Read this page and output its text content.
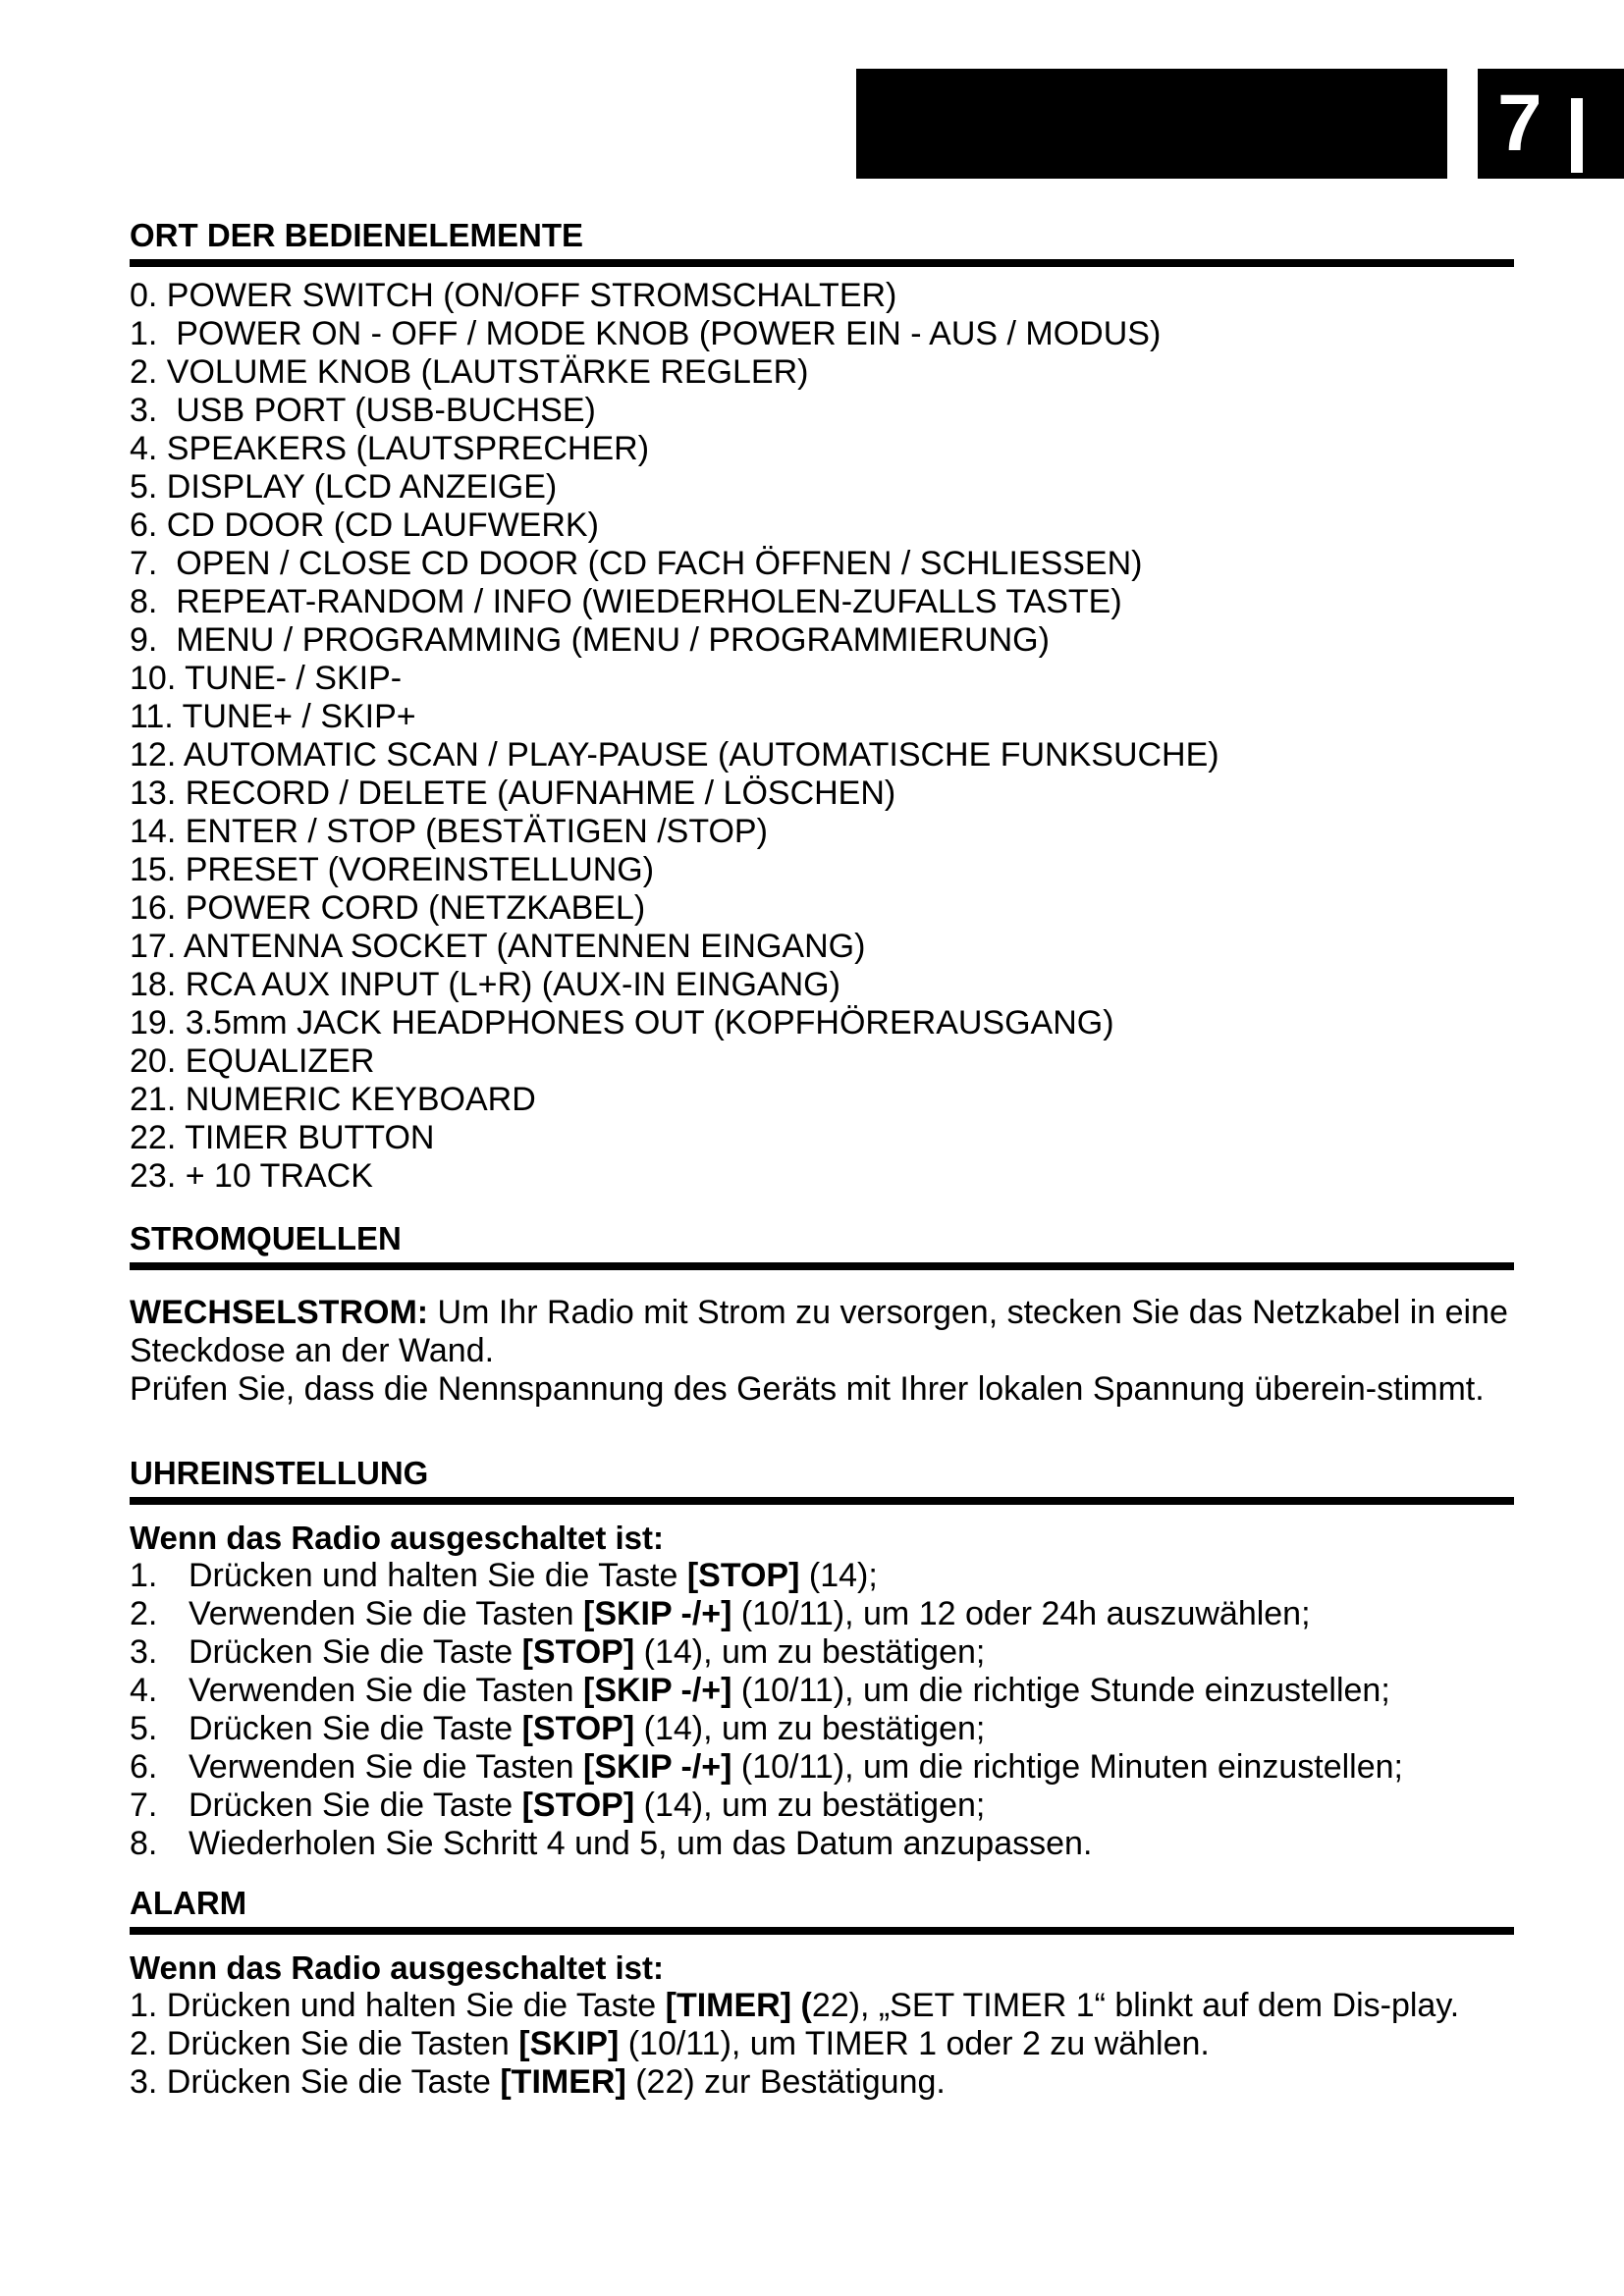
7
ORT DER BEDIENELEMENTE

0. POWER SWITCH (ON/OFF STROMSCHALTER)

1.  POWER ON - OFF / MODE KNOB (POWER EIN - AUS / MODUS)

2. VOLUME KNOB (LAUTSTÄRKE REGLER)

3.  USB PORT (USB-BUCHSE)

4. SPEAKERS (LAUTSPRECHER)

5. DISPLAY (LCD ANZEIGE)

6. CD DOOR (CD LAUFWERK)

7.  OPEN / CLOSE CD DOOR (CD FACH ÖFFNEN / SCHLIESSEN)

8.  REPEAT-RANDOM / INFO (WIEDERHOLEN-ZUFALLS TASTE)

9.  MENU / PROGRAMMING (MENU / PROGRAMMIERUNG)

10. TUNE- / SKIP-

11. TUNE+ / SKIP+

12. AUTOMATIC SCAN / PLAY-PAUSE (AUTOMATISCHE FUNKSUCHE)

13. RECORD / DELETE (AUFNAHME / LÖSCHEN)

14. ENTER / STOP (BESTÄTIGEN /STOP)

15. PRESET (VOREINSTELLUNG)

16. POWER CORD (NETZKABEL)

17. ANTENNA SOCKET (ANTENNEN EINGANG)

18. RCA AUX INPUT (L+R) (AUX-IN EINGANG)

19. 3.5mm JACK HEADPHONES OUT (KOPFHÖRERAUSGANG)

20. EQUALIZER

21. NUMERIC KEYBOARD

22. TIMER BUTTON

23. + 10 TRACK

STROMQUELLEN

WECHSELSTROM: Um Ihr Radio mit Strom zu versorgen, stecken Sie das Netzkabel in eine Steckdose an der Wand.

Prüfen Sie, dass die Nennspannung des Geräts mit Ihrer lokalen Spannung überein-stimmt.

UHREINSTELLUNG

Wenn das Radio ausgeschaltet ist:

1. Drücken und halten Sie die Taste [STOP] (14);
2. Verwenden Sie die Tasten [SKIP -/+] (10/11), um 12 oder 24h auszuwählen;
3. Drücken Sie die Taste [STOP] (14), um zu bestätigen;
4. Verwenden Sie die Tasten [SKIP -/+] (10/11), um die richtige Stunde einzustellen;
5. Drücken Sie die Taste [STOP] (14), um zu bestätigen;
6. Verwenden Sie die Tasten [SKIP -/+] (10/11), um die richtige Minuten einzustellen;
7. Drücken Sie die Taste [STOP] (14), um zu bestätigen;
8. Wiederholen Sie Schritt 4 und 5, um das Datum anzupassen.
ALARM

Wenn das Radio ausgeschaltet ist:

1. Drücken und halten Sie die Taste [TIMER] (22), „SET TIMER 1“ blinkt auf dem Dis-play.

2. Drücken Sie die Tasten [SKIP] (10/11), um TIMER 1 oder 2 zu wählen.

3. Drücken Sie die Taste [TIMER] (22) zur Bestätigung.
